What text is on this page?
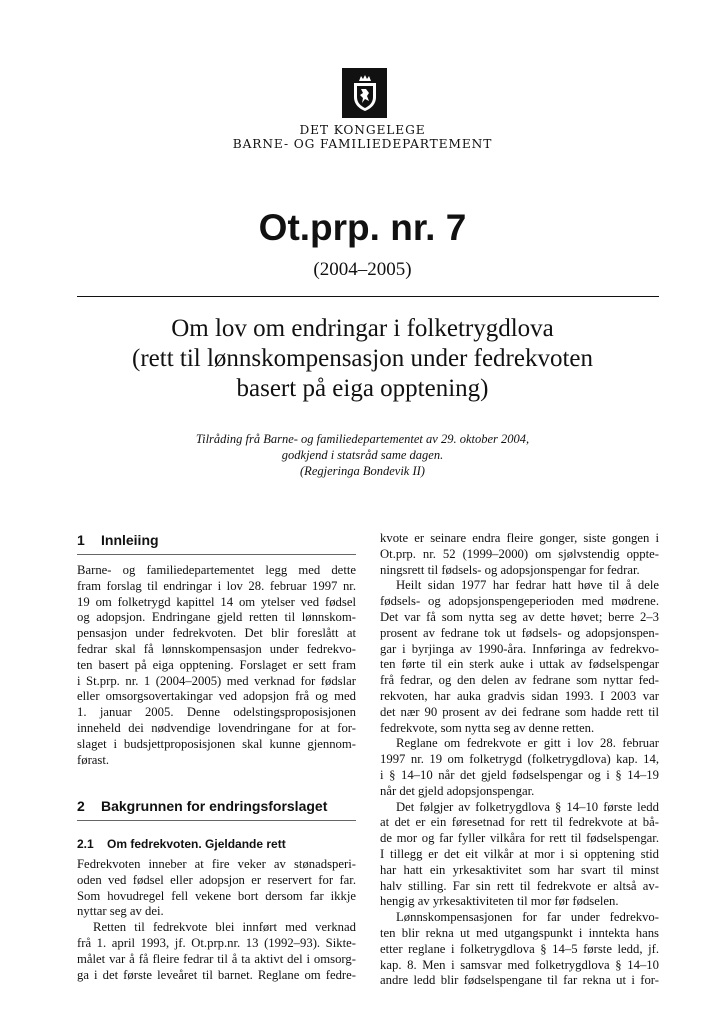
DET KONGELEGE
BARNE- OG FAMILIEDEPARTEMENT
Ot.prp. nr. 7
(2004–2005)
Om lov om endringar i folketrygdlova
(rett til lønnskompensasjon under fedrekvoten
basert på eiga opptening)
Tilråding frå Barne- og familiedepartementet av 29. oktober 2004,
godkjend i statsråd same dagen.
(Regjeringa Bondevik II)
1 Innleiing
Barne- og familiedepartementet legg med dette
fram forslag til endringar i lov 28. februar 1997 nr.
19 om folketrygd kapittel 14 om ytelser ved fødsel
og adopsjon. Endringane gjeld retten til lønnskom-
pensasjon under fedrekvoten. Det blir foreslått at
fedrar skal få lønnskompensasjon under fedrekvo-
ten basert på eiga opptening. Forslaget er sett fram
i St.prp. nr. 1 (2004–2005) med verknad for fødslar
eller omsorgsovertakingar ved adopsjon frå og med
1. januar 2005. Denne odelstingsproposisjonen
inneheld dei nødvendige lovendringane for at for-
slaget i budsjettproposisjonen skal kunne gjennom-
førast.
2 Bakgrunnen for endringsforslaget
2.1 Om fedrekvoten. Gjeldande rett
Fedrekvoten inneber at fire veker av stønadsperi-
oden ved fødsel eller adopsjon er reservert for far.
Som hovudregel fell vekene bort dersom far ikkje
nyttar seg av dei.
Retten til fedrekvote blei innført med verknad
frå 1. april 1993, jf. Ot.prp.nr. 13 (1992–93). Sikte-
målet var å få fleire fedrar til å ta aktivt del i omsorg-
ga i det første leveåret til barnet. Reglane om fedre-
kvote er seinare endra fleire gonger, siste gongen i
Ot.prp. nr. 52 (1999–2000) om sjølvstendig oppte-
ningsrett til fødsels- og adopsjonspengar for fedrar.
Heilt sidan 1977 har fedrar hatt høve til å dele
fødsels- og adopsjonspengeperioden med mødrene.
Det var få som nytta seg av dette høvet; berre 2–3
prosent av fedrane tok ut fødsels- og adopsjonspen-
gar i byrjinga av 1990-åra. Innføringa av fedrekvo-
ten førte til ein sterk auke i uttak av fødselspengar
frå fedrar, og den delen av fedrane som nyttar fed-
rekvoten, har auka gradvis sidan 1993. I 2003 var
det nær 90 prosent av dei fedrane som hadde rett til
fedrekvote, som nytta seg av denne retten.
Reglane om fedrekvote er gitt i lov 28. februar
1997 nr. 19 om folketrygd (folketrygdlova) kap. 14,
i § 14–10 når det gjeld fødselspengar og i § 14–19
når det gjeld adopsjonspengar.
Det følgjer av folketrygdlova § 14–10 første ledd
at det er ein føresetnad for rett til fedrekvote at bå-
de mor og far fyller vilkåra for rett til fødselspengar.
I tillegg er det eit vilkår at mor i si opptening stid
har hatt ein yrkesaktivitet som har svart til minst
halv stilling. Far sin rett til fedrekvote er altså av-
hengig av yrkesaktiviteten til mor før fødselen.
Lønnskompensasjonen for far under fedrekvo-
ten blir rekna ut med utgangspunkt i inntekta hans
etter reglane i folketrygdlova § 14–5 første ledd, jf.
kap. 8. Men i samsvar med folketrygdlova § 14–10
andre ledd blir fødselspengane til far rekna ut i for-
